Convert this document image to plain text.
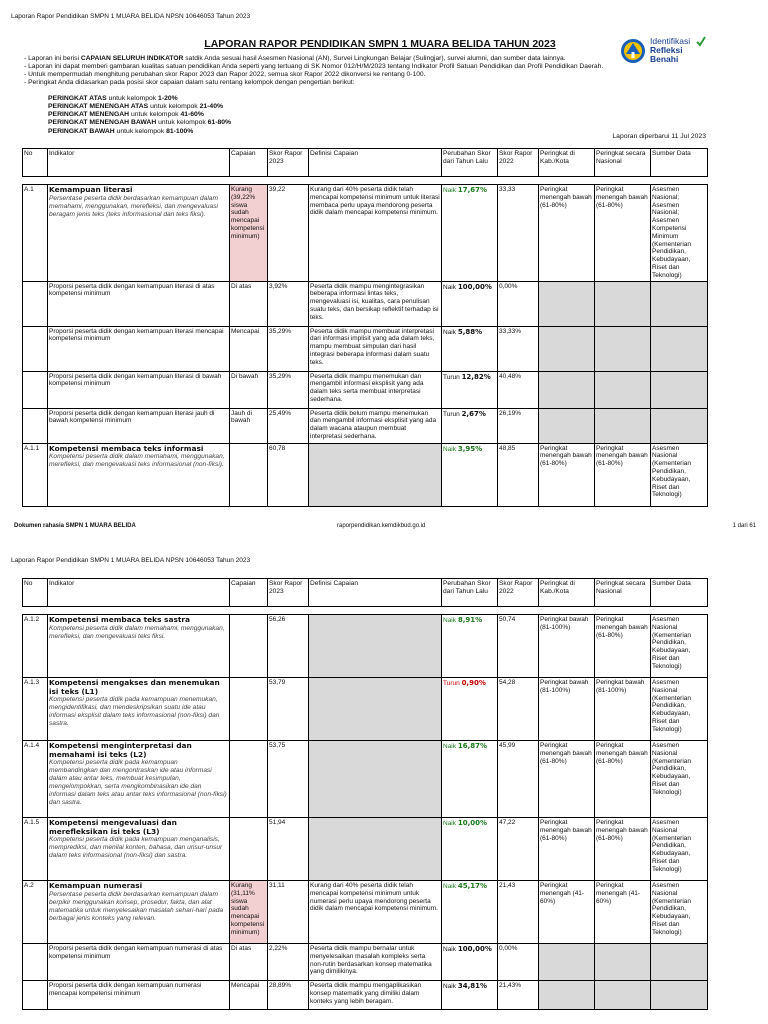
Laporan Rapor Pendidikan SMPN 1 MUARA BELIDA NPSN 10646053 Tahun 2023
LAPORAN RAPOR PENDIDIKAN SMPN 1 MUARA BELIDA TAHUN 2023	Identifikasi
Refleksi
Benahi
- Laporan ini berisi CAPAIAN SELURUH INDIKATOR satdik Anda sesuai hasil Asesmen Nasional (AN), Survei Lingkungan Belajar (Sulingjar), survei alumni, dan sumber data lainnya.
- Laporan ini dapat memberi gambaran kualitas satuan pendidikan Anda seperti yang tertuang di SK Nomor 012/H/M/2023 tentang Indikator Profil Satuan Pendidikan dan Profil Pendidikan Daerah.
- Untuk mempermudah menghitung perubahan skor Rapor 2023 dan Rapor 2022, semua skor Rapor 2022 dikonversi ke rentang 0-100.
- Peringkat Anda didasarkan pada posisi skor capaian dalam satu rentang kelompok dengan pengertian berikut:
PERINGKAT ATAS untuk kelompok 1-20%
PERINGKAT MENENGAH ATAS untuk kelompok 21-40%
PERINGKAT MENENGAH untuk kelompok 41-60%
PERINGKAT MENENGAH BAWAH untuk kelompok 61-80%
PERINGKAT BAWAH untuk kelompok 81-100%
Laporan diperbarui 11 Jul 2023
No	Indikator	Capaian	Skor Rapor 2023	Definisi Capaian	Perubahan Skor dari Tahun Lalu	Skor Rapor 2022	Peringkat di Kab./Kota	Peringkat secara Nasional	Sumber Data

A.1	Kemampuan literasi
Persentase peserta didik berdasarkan kemampuan dalam memahami, menggunakan, merefleksi, dan mengevaluasi beragam jenis teks (teks informasional dan teks fiksi).	Kurang (39,22% siswa sudah mencapai kompetensi minimum)	39,22	Kurang dari 40% peserta didik telah mencapai kompetensi minimum untuk literasi membaca perlu upaya mendorong peserta didik dalam mencapai kompetensi minimum.	Naik 17,67%	33,33	Peringkat menengah bawah (61-80%)	Peringkat menengah bawah (61-80%)	Asesmen Nasional; Asesmen Nasional; Asesmen Kompetensi Minimum (Kementerian Pendidikan, Kebudayaan, Riset dan Teknologi)
	Proporsi peserta didik dengan kemampuan literasi di atas kompetensi minimum	Di atas	3,92%	Peserta didik mampu mengintegrasikan beberapa informasi lintas teks, mengevaluasi isi, kualitas, cara penulisan suatu teks, dan bersikap reflektif terhadap isi teks.	Naik 100,00%	0,00%			
	Proporsi peserta didik dengan kemampuan literasi mencapai kompetensi minimum	Mencapai	35,29%	Peserta didik mampu membuat interpretasi dari informasi implisit yang ada dalam teks, mampu membuat simpulan dari hasil integrasi beberapa informasi dalam suatu teks.	Naik 5,88%	33,33%			
	Proporsi peserta didik dengan kemampuan literasi di bawah kompetensi minimum	Di bawah	35,29%	Peserta didik mampu menemukan dan mengambil informasi eksplisit yang ada dalam teks serta membuat interpretasi sederhana.	Turun 12,82%	40,48%			
	Proporsi peserta didik dengan kemampuan literasi jauh di bawah kompetensi minimum	Jauh di bawah	25,49%	Peserta didik belum mampu menemukan dan mengambil informasi eksplisit yang ada dalam wacana ataupun membuat interpretasi sederhana.	Turun 2,67%	26,19%			
A.1.1	Kompetensi membaca teks informasi
Kompetensi peserta didik dalam memahami, menggunakan, merefleksi, dan mengevaluasi teks informasional (non-fiksi).		60,78		Naik 3,95%	48,85	Peringkat menengah bawah (61-80%)	Peringkat menengah bawah (61-80%)	Asesmen Nasional (Kementerian Pendidikan, Kebudayaan, Riset dan Teknologi)
Dokumen rahasia SMPN 1 MUARA BELIDA	raporpendidikan.kemdikbud.go.id	1 dari 61
Laporan Rapor Pendidikan SMPN 1 MUARA BELIDA NPSN 10646053 Tahun 2023
No	Indikator	Capaian	Skor Rapor 2023	Definisi Capaian	Perubahan Skor dari Tahun Lalu	Skor Rapor 2022	Peringkat di Kab./Kota	Peringkat secara Nasional	Sumber Data

A.1.2	Kompetensi membaca teks sastra
Kompetensi peserta didik dalam memahami, menggunakan, merefleksi, dan mengevaluasi teks fiksi.		56,26		Naik 8,91%	50,74	Peringkat bawah (81-100%)	Peringkat menengah bawah (61-80%)	Asesmen Nasional (Kementerian Pendidikan, Kebudayaan, Riset dan Teknologi)
A.1.3	Kompetensi mengakses dan menemukan isi teks (L1)
Kompetensi peserta didik pada kemampuan menemukan, mengidentifikasi, dan mendeskripsikan suatu ide atau informasi eksplisit dalam teks informasional (non-fiksi) dan sastra.		53,79		Turun 0,90%	54,28	Peringkat bawah (81-100%)	Peringkat bawah (81-100%)	Asesmen Nasional (Kementerian Pendidikan, Kebudayaan, Riset dan Teknologi)
A.1.4	Kompetensi menginterpretasi dan memahami isi teks (L2)
Kompetensi peserta didik pada kemampuan membandingkan dan mengontraskan ide atau informasi dalam atau antar teks, membuat kesimpulan, mengelompokkan, serta mengkombinasikan ide dan informasi dalam teks atau antar teks informasional (non-fiksi) dan sastra.		53,75		Naik 16,87%	45,99	Peringkat menengah bawah (61-80%)	Peringkat menengah bawah (61-80%)	Asesmen Nasional (Kementerian Pendidikan, Kebudayaan, Riset dan Teknologi)
A.1.5	Kompetensi mengevaluasi dan merefleksikan isi teks (L3)
Kompetensi peserta didik pada kemampuan menganalisis, memprediksi, dan menilai konten, bahasa, dan unsur-unsur dalam teks informasional (non-fiksi) dan sastra.		51,94		Naik 10,00%	47,22	Peringkat menengah bawah (61-80%)	Peringkat menengah bawah (61-80%)	Asesmen Nasional (Kementerian Pendidikan, Kebudayaan, Riset dan Teknologi)
A.2	Kemampuan numerasi
Persentase peserta didik berdasarkan kemampuan dalam berpikir menggunakan konsep, prosedur, fakta, dan alat matematika untuk menyelesaikan masalah sehari-hari pada berbagai jenis konteks yang relevan.	Kurang (31,11% siswa sudah mencapai kompetensi minimum)	31,11	Kurang dari 40% peserta didik telah mencapai kompetensi minimum untuk numerasi perlu upaya mendorong peserta didik dalam mencapai kompetensi minimum.	Naik 45,17%	21,43	Peringkat menengah (41-60%)	Peringkat menengah (41-60%)	Asesmen Nasional (Kementerian Pendidikan, Kebudayaan, Riset dan Teknologi)
	Proporsi peserta didik dengan kemampuan numerasi di atas kompetensi minimum	Di atas	2,22%	Peserta didik mampu bernalar untuk menyelesaikan masalah kompleks serta non-rutin berdasarkan konsep matematika yang dimilikinya.	Naik 100,00%	0,00%			
	Proporsi peserta didik dengan kemampuan numerasi mencapai kompetensi minimum	Mencapai	28,89%	Peserta didik mampu mengaplikasikan konsep matematik yang dimiliki dalam konteks yang lebih beragam.	Naik 34,81%	21,43%			
